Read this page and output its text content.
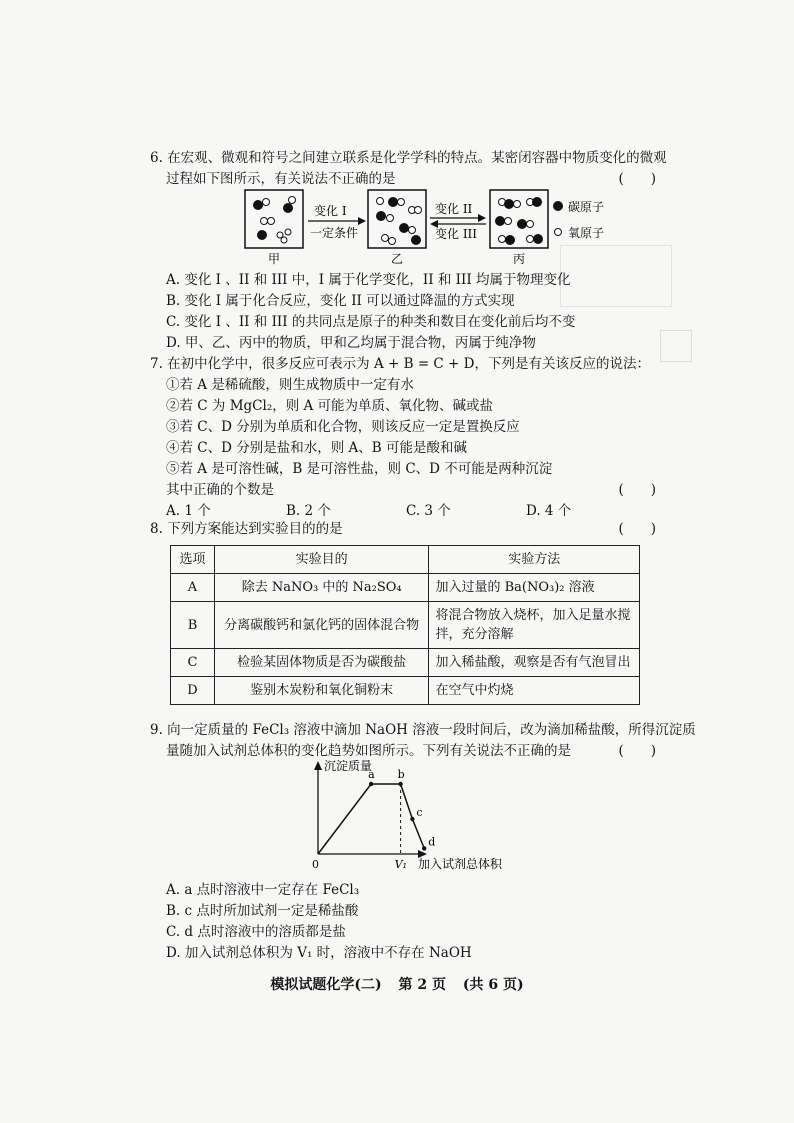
6. 在宏观、微观和符号之间建立联系是化学学科的特点。某密闭容器中物质变化的微观
过程如下图所示，有关说法不正确的是	(　　)
甲
变化 I
一定条件
乙
变化 II
变化 III
丙
碳原子
氧原子
A. 变化 I 、II 和 III 中，I 属于化学变化，II 和 III 均属于物理变化
B. 变化 I 属于化合反应，变化 II 可以通过降温的方式实现
C. 变化 I 、II 和 III 的共同点是原子的种类和数目在变化前后均不变
D. 甲、乙、丙中的物质，甲和乙均属于混合物，丙属于纯净物
7. 在初中化学中，很多反应可表示为 A + B = C + D，下列是有关该反应的说法：
①若 A 是稀硫酸，则生成物质中一定有水
②若 C 为 MgCl₂，则 A 可能为单质、氧化物、碱或盐
③若 C、D 分别为单质和化合物，则该反应一定是置换反应
④若 C、D 分别是盐和水，则 A、B 可能是酸和碱
⑤若 A 是可溶性碱，B 是可溶性盐，则 C、D 不可能是两种沉淀
其中正确的个数是	(　　)
A. 1 个	B. 2 个	C. 3 个	D. 4 个
8. 下列方案能达到实验目的的是	(　　)
选项	实验目的	实验方法
A	除去 NaNO₃ 中的 Na₂SO₄	加入过量的 Ba(NO₃)₂ 溶液
B	分离碳酸钙和氯化钙的固体混合物	将混合物放入烧杯，加入足量水搅拌，充分溶解
C	检验某固体物质是否为碳酸盐	加入稀盐酸，观察是否有气泡冒出
D	鉴别木炭粉和氧化铜粉末	在空气中灼烧
9. 向一定质量的 FeCl₃ 溶液中滴加 NaOH 溶液一段时间后，改为滴加稀盐酸，所得沉淀质
量随加入试剂总体积的变化趋势如图所示。下列有关说法不正确的是	(　　)
沉淀质量
加入试剂总体积
0	V₁
a b
c
d
A. a 点时溶液中一定存在 FeCl₃
B. c 点时所加试剂一定是稀盐酸
C. d 点时溶液中的溶质都是盐
D. 加入试剂总体积为 V₁ 时，溶液中不存在 NaOH
模拟试题化学(二) 第 2 页 (共 6 页)
